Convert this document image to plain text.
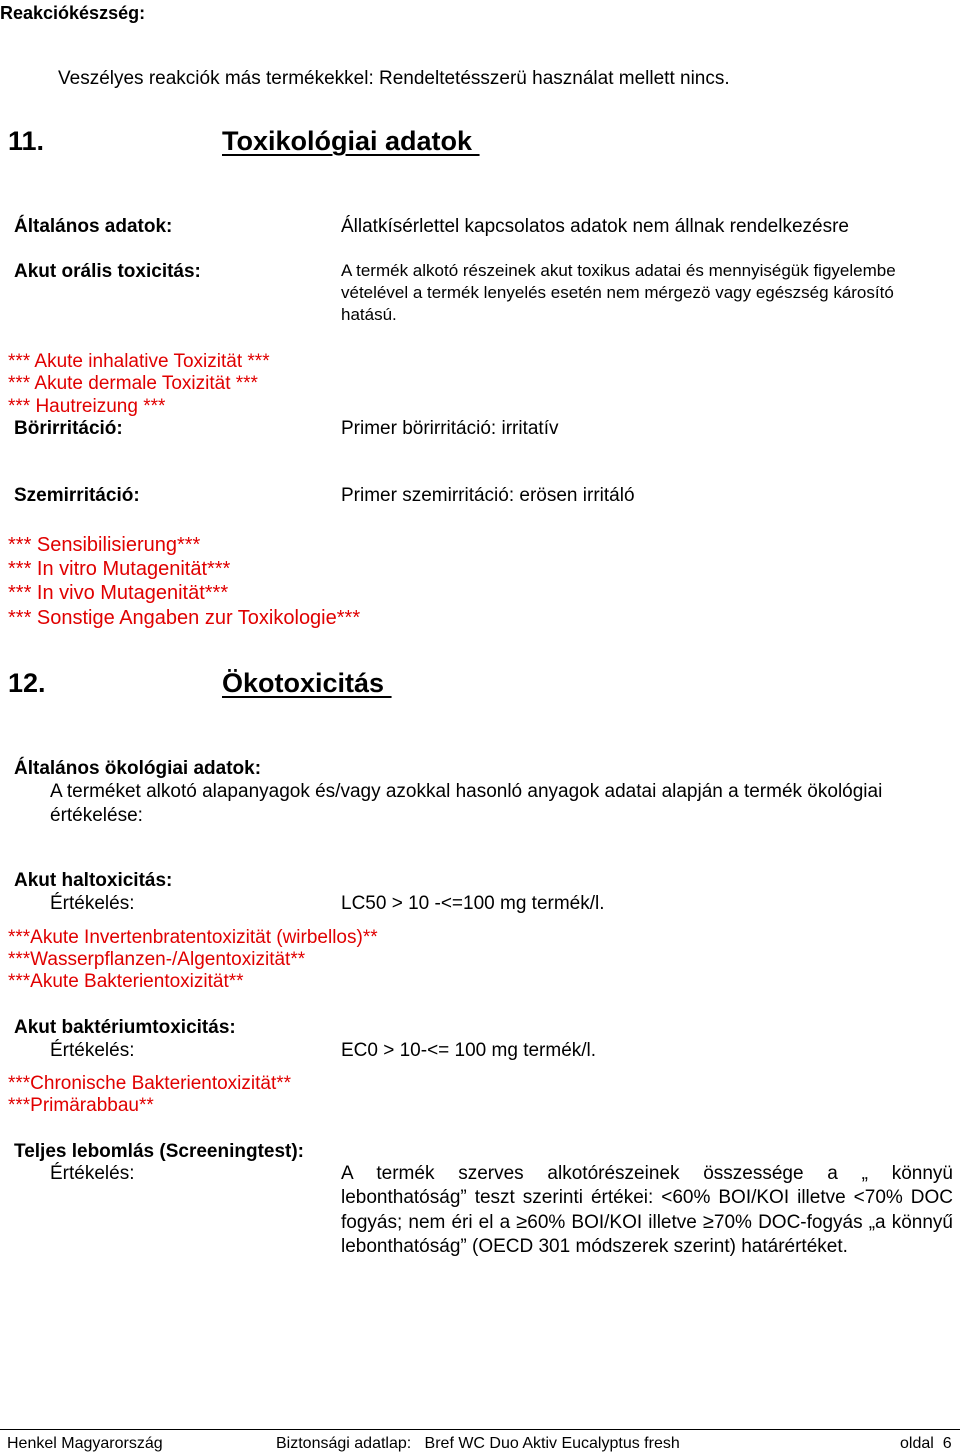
Reakciókészség:
Veszélyes reakciók más termékekkel: Rendeltetésszerü használat mellett nincs.
11.	Toxikológiai adatok
Általános adatok:	Állatkísérlettel kapcsolatos adatok nem állnak rendelkezésre
Akut orális toxicitás:	A termék alkotó részeinek akut toxikus adatai és mennyiségük figyelembe vételével a termék lenyelés esetén nem mérgezö vagy egészség károsító hatású.
*** Akute inhalative Toxizität ***
*** Akute dermale Toxizität ***
*** Hautreizung ***
Börirritáció:	Primer börirritáció: irritatív
Szemirritáció:	Primer szemirritáció: erösen irritáló
*** Sensibilisierung***
*** In vitro Mutagenität***
*** In vivo Mutagenität***
*** Sonstige Angaben zur Toxikologie***
12.	Ökotoxicitás
Általános ökológiai adatok:
A terméket alkotó alapanyagok és/vagy azokkal hasonló anyagok adatai alapján a termék ökológiai értékelése:
Akut haltoxicitás:
Értékelés:	LC50 > 10 -<=100 mg termék/l.
***Akute Invertenbratentoxizität (wirbellos)**
***Wasserpflanzen-/Algentoxizität**
***Akute Bakterientoxizität**
Akut baktériumtoxicitás:
Értékelés:	EC0 > 10-<= 100 mg termék/l.
***Chronische Bakterientoxizität**
***Primärabbau**
Teljes lebomlás (Screeningtest):
Értékelés:	A termék szerves alkotórészeinek összessége a „ könnyü lebonthatóság” teszt szerinti értékei: <60% BOI/KOI illetve <70% DOC fogyás; nem éri el a ≥60% BOI/KOI illetve ≥70% DOC-fogyás „a könnyű lebonthatóság” (OECD 301 módszerek szerint) határértéket.
Henkel Magyarország	Biztonsági adatlap:   Bref WC Duo Aktiv Eucalyptus fresh	oldal  6
